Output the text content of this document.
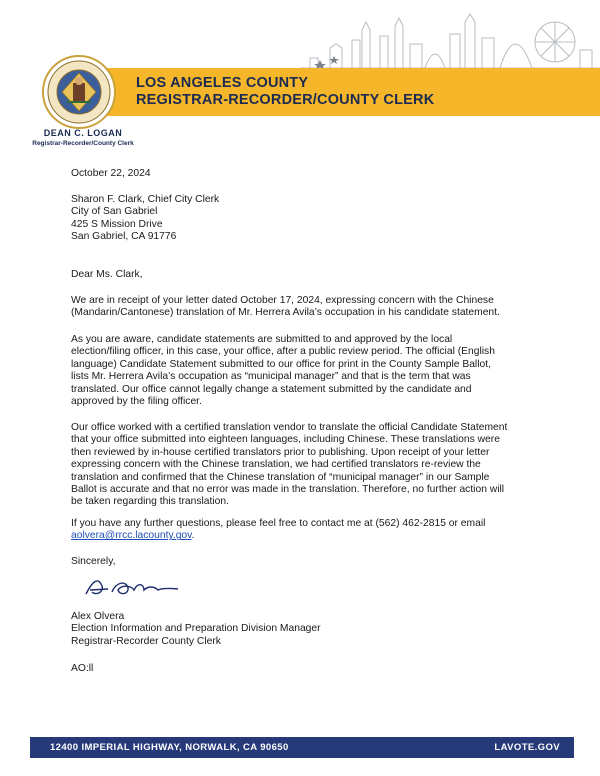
LOS ANGELES COUNTY
REGISTRAR-RECORDER/COUNTY CLERK
DEAN C. LOGAN
Registrar-Recorder/County Clerk
October 22, 2024
Sharon F. Clark, Chief City Clerk
City of San Gabriel
425 S Mission Drive
San Gabriel, CA 91776
Dear Ms. Clark,
We are in receipt of your letter dated October 17, 2024, expressing concern with the Chinese
(Mandarin/Cantonese) translation of Mr. Herrera Avila’s occupation in his candidate statement.
As you are aware, candidate statements are submitted to and approved by the local
election/filing officer, in this case, your office, after a public review period. The official (English
language) Candidate Statement submitted to our office for print in the County Sample Ballot,
lists Mr. Herrera Avila’s occupation as “municipal manager” and that is the term that was
translated. Our office cannot legally change a statement submitted by the candidate and
approved by the filing officer.
Our office worked with a certified translation vendor to translate the official Candidate Statement
that your office submitted into eighteen languages, including Chinese. These translations were
then reviewed by in-house certified translators prior to publishing. Upon receipt of your letter
expressing concern with the Chinese translation, we had certified translators re-review the
translation and confirmed that the Chinese translation of “municipal manager” in our Sample
Ballot is accurate and that no error was made in the translation. Therefore, no further action will
be taken regarding this translation.
If you have any further questions, please feel free to contact me at (562) 462-2815 or email
aolvera@rrcc.lacounty.gov.
Sincerely,
Alex Olvera
Election Information and Preparation Division Manager
Registrar-Recorder County Clerk
AO:ll
12400 IMPERIAL HIGHWAY, NORWALK, CA 90650	LAVOTE.GOV
